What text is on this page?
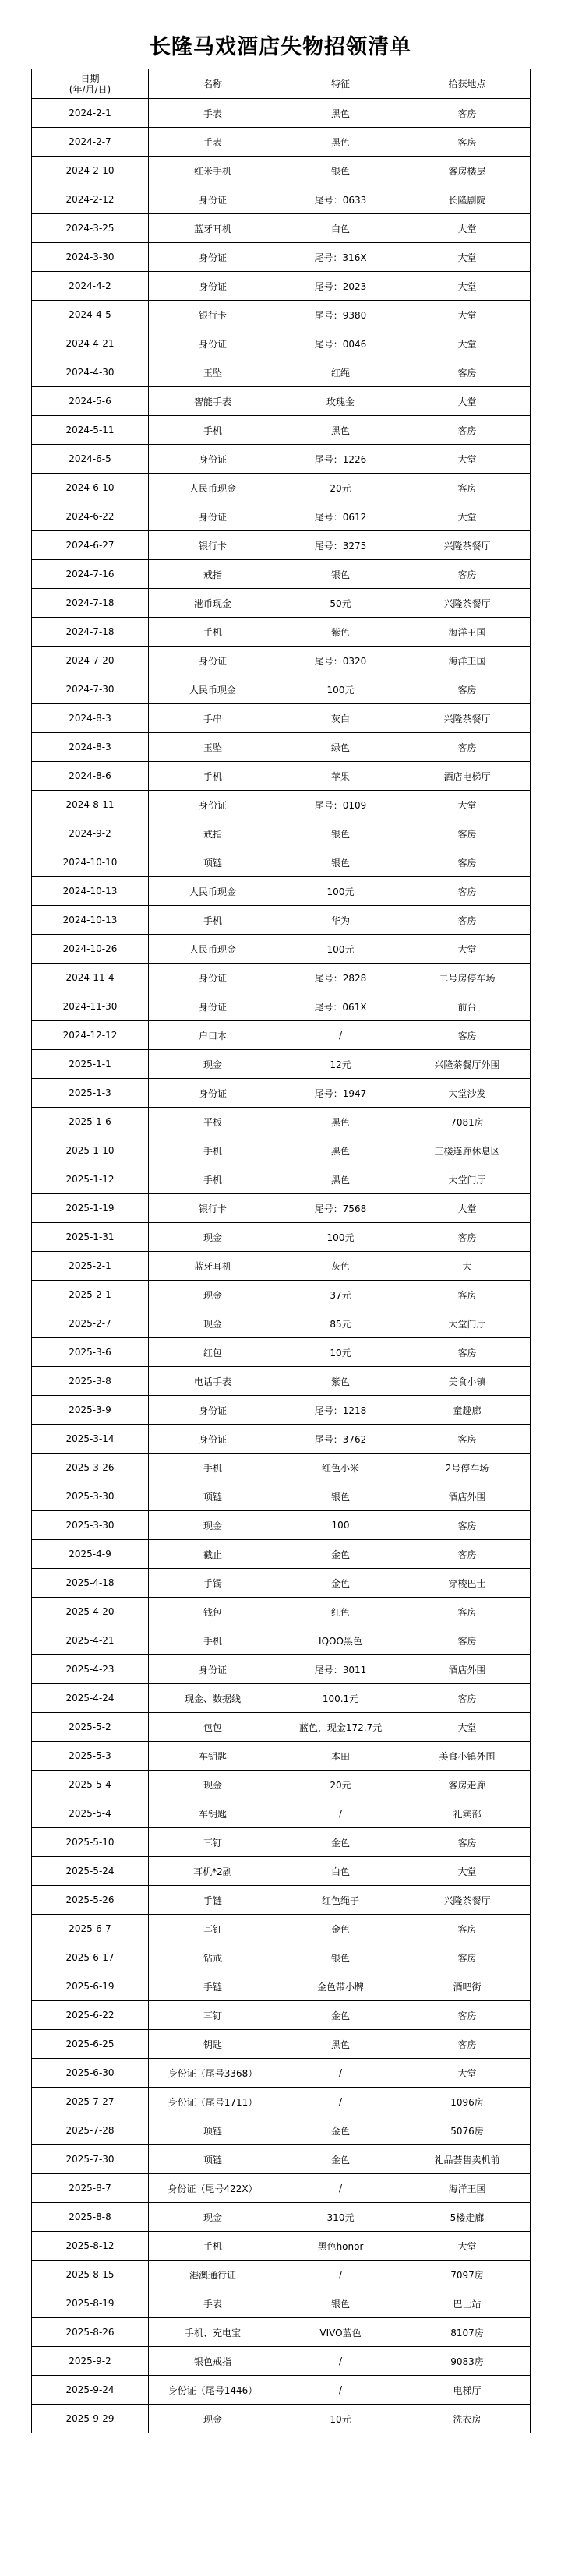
长隆马戏酒店失物招领清单
日期
(年/月/日)	名称	特征	拾获地点
2024-2-1	手表	黑色	客房
2024-2-7	手表	黑色	客房
2024-2-10	红米手机	银色	客房楼层
2024-2-12	身份证	尾号：0633	长隆剧院
2024-3-25	蓝牙耳机	白色	大堂
2024-3-30	身份证	尾号：316X	大堂
2024-4-2	身份证	尾号：2023	大堂
2024-4-5	银行卡	尾号：9380	大堂
2024-4-21	身份证	尾号：0046	大堂
2024-4-30	玉坠	红绳	客房
2024-5-6	智能手表	玫瑰金	大堂
2024-5-11	手机	黑色	客房
2024-6-5	身份证	尾号：1226	大堂
2024-6-10	人民币现金	20元	客房
2024-6-22	身份证	尾号：0612	大堂
2024-6-27	银行卡	尾号：3275	兴隆茶餐厅
2024-7-16	戒指	银色	客房
2024-7-18	港币现金	50元	兴隆茶餐厅
2024-7-18	手机	紫色	海洋王国
2024-7-20	身份证	尾号：0320	海洋王国
2024-7-30	人民币现金	100元	客房
2024-8-3	手串	灰白	兴隆茶餐厅
2024-8-3	玉坠	绿色	客房
2024-8-6	手机	苹果	酒店电梯厅
2024-8-11	身份证	尾号：0109	大堂
2024-9-2	戒指	银色	客房
2024-10-10	项链	银色	客房
2024-10-13	人民币现金	100元	客房
2024-10-13	手机	华为	客房
2024-10-26	人民币现金	100元	大堂
2024-11-4	身份证	尾号：2828	二号房停车场
2024-11-30	身份证	尾号：061X	前台
2024-12-12	户口本	/	客房
2025-1-1	现金	12元	兴隆茶餐厅外围
2025-1-3	身份证	尾号：1947	大堂沙发
2025-1-6	平板	黑色	7081房
2025-1-10	手机	黑色	三楼连廊休息区
2025-1-12	手机	黑色	大堂门厅
2025-1-19	银行卡	尾号：7568	大堂
2025-1-31	现金	100元	客房
2025-2-1	蓝牙耳机	灰色	大
2025-2-1	现金	37元	客房
2025-2-7	现金	85元	大堂门厅
2025-3-6	红包	10元	客房
2025-3-8	电话手表	紫色	美食小镇
2025-3-9	身份证	尾号：1218	童趣廊
2025-3-14	身份证	尾号：3762	客房
2025-3-26	手机	红色小米	2号停车场
2025-3-30	项链	银色	酒店外围
2025-3-30	现金	100	客房
2025-4-9	截止	金色	客房
2025-4-18	手镯	金色	穿梭巴士
2025-4-20	钱包	红色	客房
2025-4-21	手机	IQOO黑色	客房
2025-4-23	身份证	尾号：3011	酒店外围
2025-4-24	现金、数据线	100.1元	客房
2025-5-2	包包	蓝色，现金172.7元	大堂
2025-5-3	车钥匙	本田	美食小镇外围
2025-5-4	现金	20元	客房走廊
2025-5-4	车钥匙	/	礼宾部
2025-5-10	耳钉	金色	客房
2025-5-24	耳机*2副	白色	大堂
2025-5-26	手链	红色绳子	兴隆茶餐厅
2025-6-7	耳钉	金色	客房
2025-6-17	钻戒	银色	客房
2025-6-19	手链	金色带小牌	酒吧街
2025-6-22	耳钉	金色	客房
2025-6-25	钥匙	黑色	客房
2025-6-30	身份证（尾号3368）	/	大堂
2025-7-27	身份证（尾号1711）	/	1096房
2025-7-28	项链	金色	5076房
2025-7-30	项链	金色	礼品荟售卖机前
2025-8-7	身份证（尾号422X）	/	海洋王国
2025-8-8	现金	310元	5楼走廊
2025-8-12	手机	黑色honor	大堂
2025-8-15	港澳通行证	/	7097房
2025-8-19	手表	银色	巴士站
2025-8-26	手机、充电宝	VIVO蓝色	8107房
2025-9-2	银色戒指	/	9083房
2025-9-24	身份证（尾号1446）	/	电梯厅
2025-9-29	现金	10元	洗衣房
